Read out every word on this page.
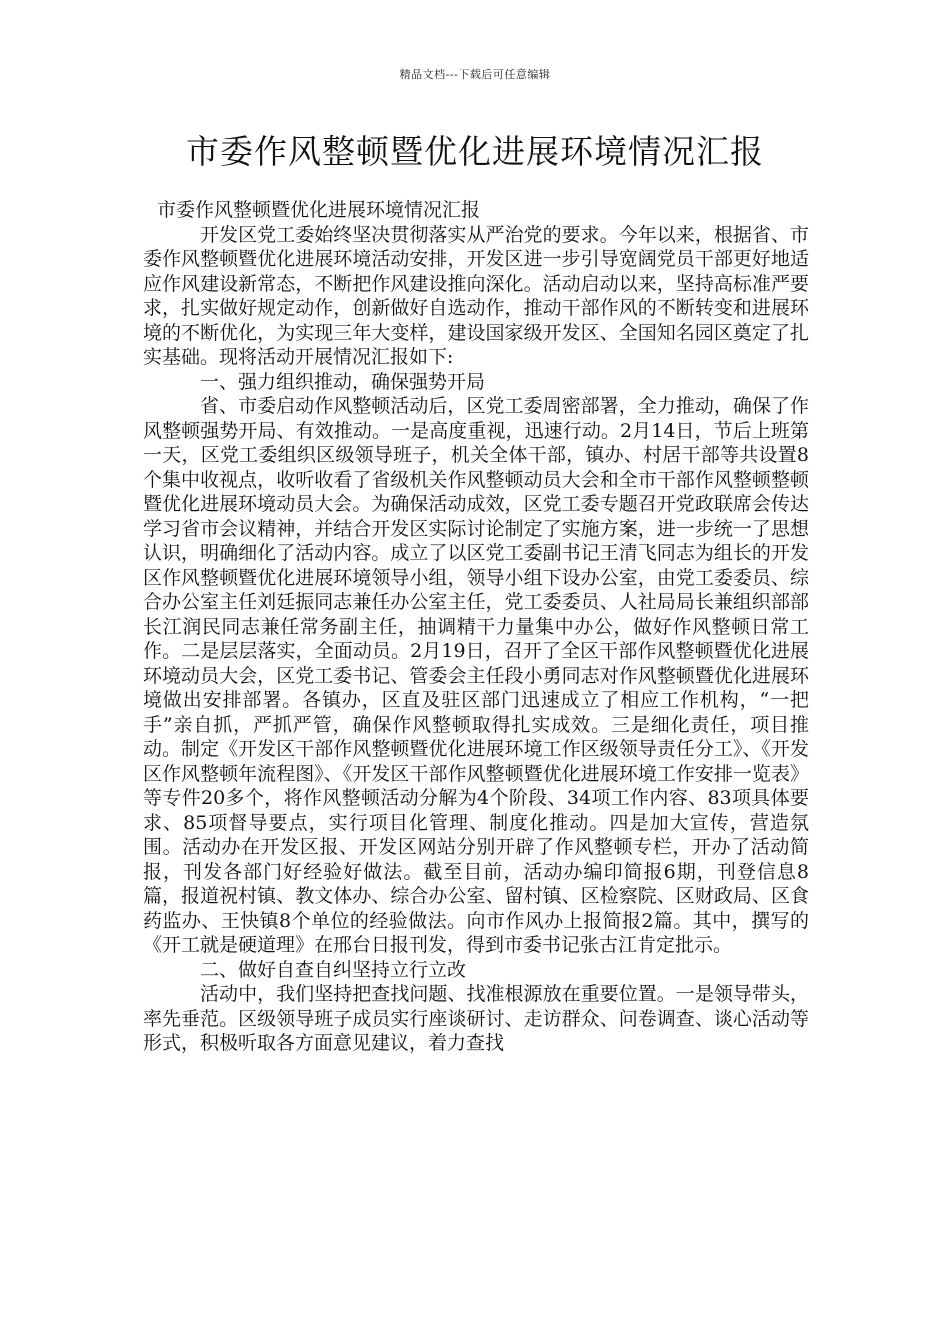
精品文档---下载后可任意编辑
市委作风整顿暨优化进展环境情况汇报

市委作风整顿暨优化进展环境情况汇报

开发区党工委始终坚决贯彻落实从严治党的要求。今年以来，根据省、市委作风整顿暨优化进展环境活动安排，开发区进一步引导宽阔党员干部更好地适应作风建设新常态，不断把作风建设推向深化。活动启动以来，坚持高标准严要求，扎实做好规定动作，创新做好自选动作，推动干部作风的不断转变和进展环境的不断优化，为实现三年大变样，建设国家级开发区、全国知名园区奠定了扎实基础。现将活动开展情况汇报如下:

一、强力组织推动，确保强势开局

省、市委启动作风整顿活动后，区党工委周密部署，全力推动，确保了作风整顿强势开局、有效推动。一是高度重视，迅速行动。2月14日，节后上班第一天，区党工委组织区级领导班子，机关全体干部，镇办、村居干部等共设置8个集中收视点，收听收看了省级机关作风整顿动员大会和全市干部作风整顿整顿暨优化进展环境动员大会。为确保活动成效，区党工委专题召开党政联席会传达学习省市会议精神，并结合开发区实际讨论制定了实施方案，进一步统一了思想认识，明确细化了活动内容。成立了以区党工委副书记王清飞同志为组长的开发区作风整顿暨优化进展环境领导小组，领导小组下设办公室，由党工委委员、综合办公室主任刘廷振同志兼任办公室主任，党工委委员、人社局局长兼组织部部长江润民同志兼任常务副主任，抽调精干力量集中办公，做好作风整顿日常工作。二是层层落实，全面动员。2月19日，召开了全区干部作风整顿暨优化进展环境动员大会，区党工委书记、管委会主任段小勇同志对作风整顿暨优化进展环境做出安排部署。各镇办，区直及驻区部门迅速成立了相应工作机构，“一把手”亲自抓，严抓严管，确保作风整顿取得扎实成效。三是细化责任，项目推动。制定《开发区干部作风整顿暨优化进展环境工作区级领导责任分工》、《开发区作风整顿年流程图》、《开发区干部作风整顿暨优化进展环境工作安排一览表》等专件20多个，将作风整顿活动分解为4个阶段、34项工作内容、83项具体要求、85项督导要点，实行项目化管理、制度化推动。四是加大宣传，营造氛围。活动办在开发区报、开发区网站分别开辟了作风整顿专栏，开办了活动简报，刊发各部门好经验好做法。截至目前，活动办编印简报6期，刊登信息8篇，报道祝村镇、教文体办、综合办公室、留村镇、区检察院、区财政局、区食药监办、王快镇8个单位的经验做法。向市作风办上报简报2篇。其中，撰写的《开工就是硬道理》在邢台日报刊发，得到市委书记张古江肯定批示。

二、做好自查自纠坚持立行立改

活动中，我们坚持把查找问题、找准根源放在重要位置。一是领导带头，率先垂范。区级领导班子成员实行座谈研讨、走访群众、问卷调查、谈心活动等形式，积极听取各方面意见建议，着力查找
